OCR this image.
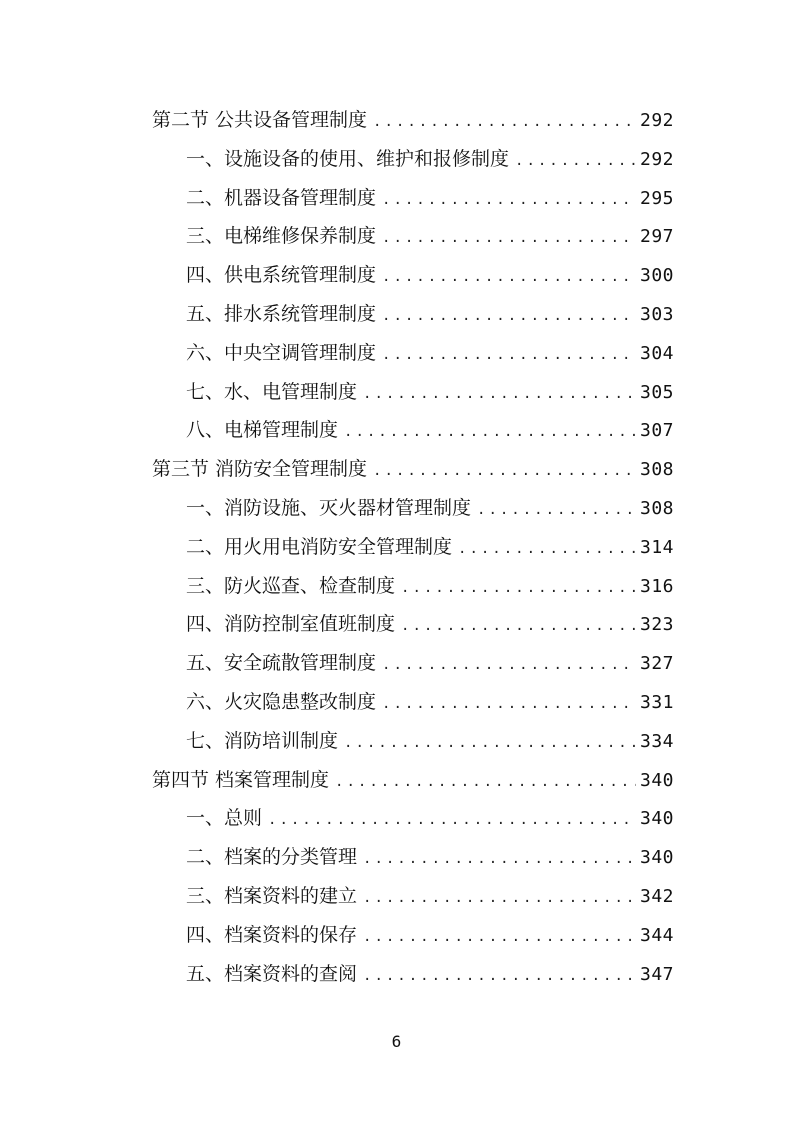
第二节 公共设备管理制度 .....	292
一、设施设备的使用、维护和报修制度 .....	292
二、机器设备管理制度 .....	295
三、电梯维修保养制度 .....	297
四、供电系统管理制度 .....	300
五、排水系统管理制度 .....	303
六、中央空调管理制度 .....	304
七、水、电管理制度 .....	305
八、电梯管理制度 .....	307
第三节 消防安全管理制度 .....	308
一、消防设施、灭火器材管理制度 .....	308
二、用火用电消防安全管理制度 .....	314
三、防火巡查、检查制度 .....	316
四、消防控制室值班制度 .....	323
五、安全疏散管理制度 .....	327
六、火灾隐患整改制度 .....	331
七、消防培训制度 .....	334
第四节 档案管理制度 .....	340
一、总则 .....	340
二、档案的分类管理 .....	340
三、档案资料的建立 .....	342
四、档案资料的保存 .....	344
五、档案资料的查阅 .....	347
6
